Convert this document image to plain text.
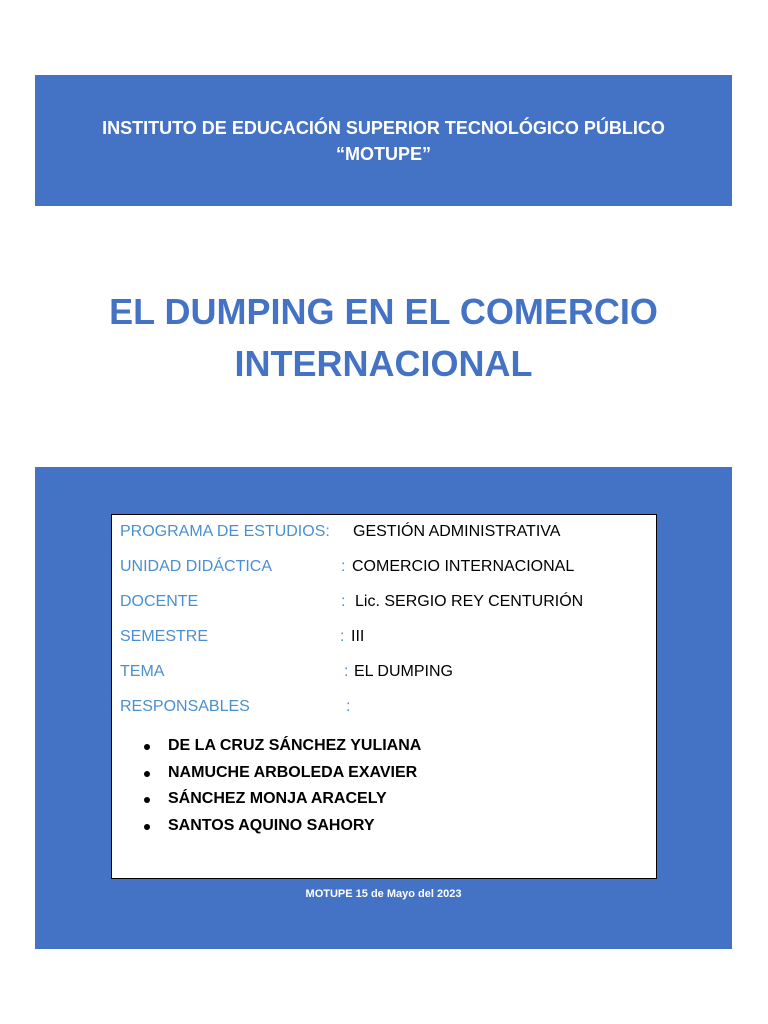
INSTITUTO DE EDUCACIÓN SUPERIOR TECNOLÓGICO PÚBLICO
“MOTUPE”
EL DUMPING EN EL COMERCIO
INTERNACIONAL
PROGRAMA DE ESTUDIOS: GESTIÓN ADMINISTRATIVA
UNIDAD DIDÁCTICA	: COMERCIO INTERNACIONAL
DOCENTE	: Lic. SERGIO REY CENTURIÓN
SEMESTRE	: III
TEMA	: EL DUMPING
RESPONSABLES	:
DE LA CRUZ SÁNCHEZ YULIANA
NAMUCHE ARBOLEDA EXAVIER
SÁNCHEZ MONJA ARACELY
SANTOS AQUINO SAHORY
MOTUPE 15 de Mayo del 2023
